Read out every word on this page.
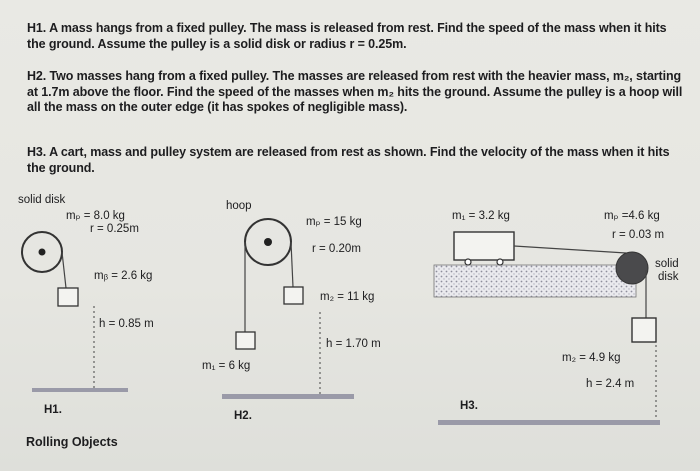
H1. A mass hangs from a fixed pulley. The mass is released from rest. Find the speed of the mass when it hits the ground. Assume the pulley is a solid disk or radius r = 0.25m.
H2. Two masses hang from a fixed pulley. The masses are released from rest with the heavier mass, m₂, starting at 1.7m above the floor. Find the speed of the masses when m₂ hits the ground. Assume the pulley is a hoop will all the mass on the outer edge (it has spokes of negligible mass).
H3. A cart, mass and pulley system are released from rest as shown. Find the velocity of the mass when it hits the ground.
solid disk
mₚ = 8.0 kg
r = 0.25m
mᵦ = 2.6 kg
h = 0.85 m
H1.
hoop
mₚ = 15 kg
r = 0.20m
m₂ = 11 kg
h = 1.70 m
m₁ = 6 kg
H2.
m₁ = 3.2 kg	mₚ =4.6 kg
r = 0.03 m
solid
disk
m₂ = 4.9 kg
h = 2.4 m
H3.
Rolling Objects
